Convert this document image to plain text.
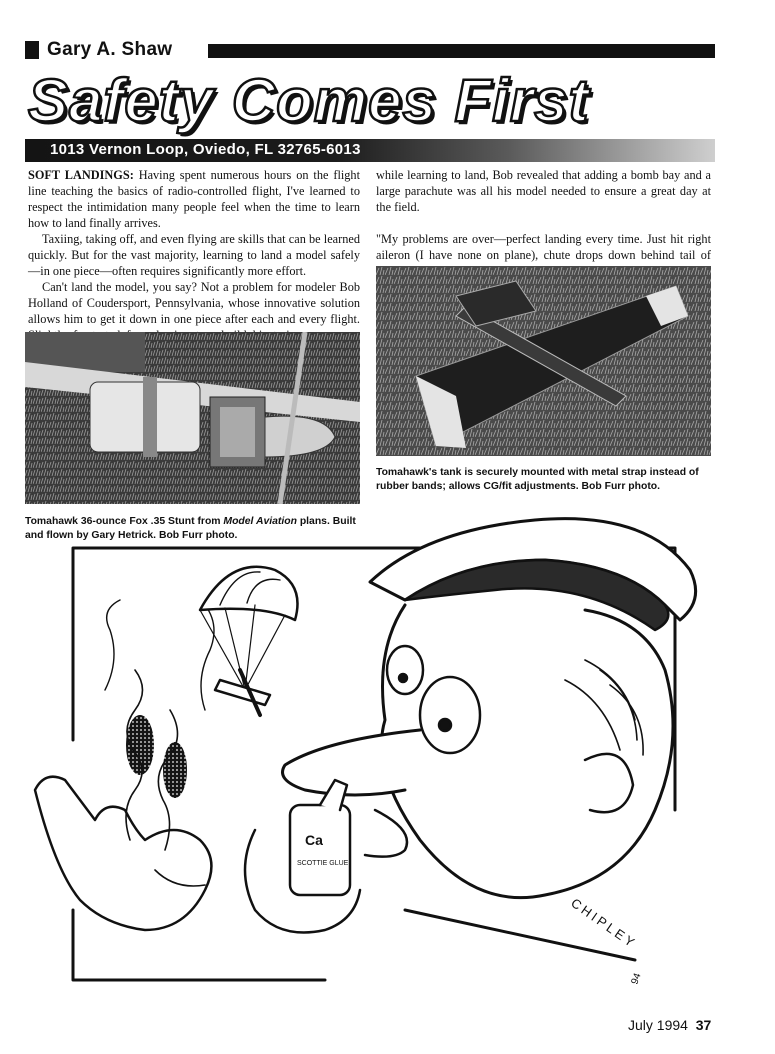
Gary A. Shaw
Safety Comes First
1013 Vernon Loop, Oviedo, FL 32765-6013

SOFT LANDINGS: Having spent numerous hours on the flight line teaching the basics of radio-controlled flight, I've learned to respect the intimidation many people feel when the time to learn how to land finally arrives.

Taxiing, taking off, and even flying are skills that can be learned quickly. But for the vast majority, learning to land a model safely—in one piece—often requires significantly more effort.

Can't land the model, you say? Not a problem for modeler Bob Holland of Coudersport, Pennsylvania, whose innovative solution allows him to get it down in one piece after each and every flight.

while learning to land, Bob revealed that adding a bomb bay and a large parachute was all his model needed to ensure a great day at the field.

"My problems are over—perfect landing every time. Just hit right aileron (I have none on plane), chute drops down behind tail of

Tomahawk 36-ounce Fox .35 Stunt from Model Aviation plans. Built and flown by Gary Hetrick. Bob Furr photo.
Tomahawk's tank is securely mounted with metal strap instead of rubber bands; allows CG/fit adjustments. Bob Furr photo.
Ca
SCOTTIE GLUE
CHIPLEY
94
July 1994 37
